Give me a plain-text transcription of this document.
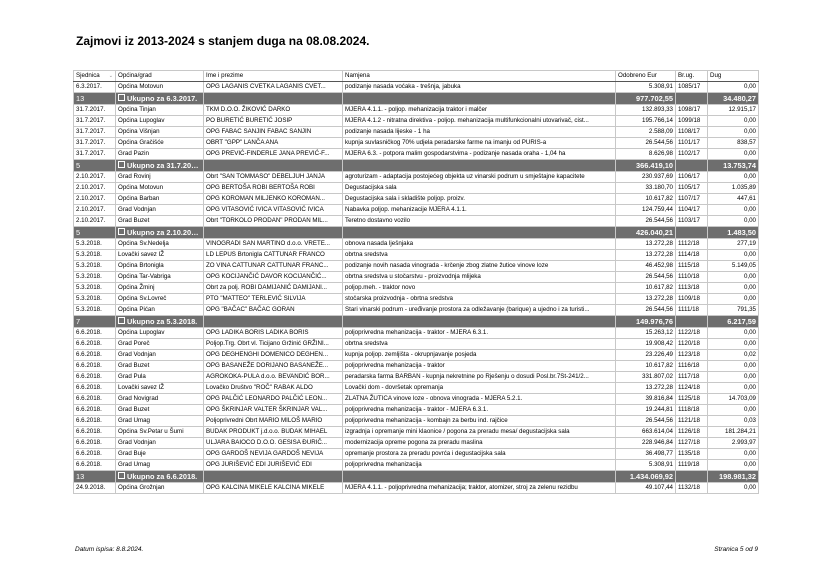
Zajmovi iz 2013-2024 s stanjem duga na 08.08.2024.
Sjednica ⌄	Općina/grad	Ime i prezime	Namjena	Odobreno Eur	Br.ug.	Dug
6.3.2017.	Općina Motovun	OPG LAGANIS CVETKA LAGANIS CVET...	podizanje nasada voćaka - trešnja, jabuka	5.308,91	1085/17	0,00
13	Ukupno za 6.3.2017.			977.702,55		34.480,27
31.7.2017.	Općina Tinjan	TKM D.O.O. ŽIKOVIĆ DARKO	MJERA 4.1.1. - poljop. mehanizacija traktor i malčer	132.893,33	1098/17	12.915,17
31.7.2017.	Općina Lupoglav	PO BURETIĆ BURETIĆ JOSIP	MJERA 4.1.2 - nitratna direktiva - poljop. mehanizacija multifunkcionalni utovarivač, cist...	195.766,14	1099/18	0,00
31.7.2017.	Općina Višnjan	OPG FABAC SANJIN FABAC SANJIN	podizanje nasada lijeske - 1 ha	2.588,09	1108/17	0,00
31.7.2017.	Općina Gračišće	OBRT "GPP" LANČA ANA	kupnja suvlasničkog 70% udjela peradarske farme na imanju od PURIS-a	26.544,56	1101/17	838,57
31.7.2017.	Grad Pazin	OPG PREVIĆ-FINDERLE JANA PREVIĆ-F...	MJERA 6.3. - potpora malim gospodarstvima - podizanje nasada oraha - 1,04 ha	8.626,98	1102/17	0,00
5	Ukupno za 31.7.2017.			366.419,10		13.753,74
2.10.2017.	Grad Rovinj	Obrt "SAN TOMMASO" DEBELJUH JANJA	agroturizam - adaptacija postojećeg objekta uz vinarski podrum u smještajne kapacitete	230.937,69	1106/17	0,00
2.10.2017.	Općina Motovun	OPG BERTOŠA ROBI BERTOŠA ROBI	Degustacijska sala	33.180,70	1105/17	1.035,89
2.10.2017.	Općina Barban	OPG KOROMAN MILJENKO KOROMAN...	Degustacijska sala i skladište poljop. proizv.	10.617,82	1107/17	447,61
2.10.2017.	Grad Vodnjan	OPG VITASOVIĆ IVICA VITASOVIĆ IVICA	Nabavka poljop. mehanizacije MJERA 4.1.1.	124.759,44	1104/17	0,00
2.10.2017.	Grad Buzet	Obrt "TORKOLO PRODAN" PRODAN MIL...	Teretno dostavno vozilo	26.544,56	1103/17	0,00
5	Ukupno za 2.10.2017.			426.040,21		1.483,50
5.3.2018.	Općina Sv.Nedelja	VINOGRADI SAN MARTINO d.o.o. VRETE...	obnova nasada lješnjaka	13.272,28	1112/18	277,19
5.3.2018.	Lovački savez IŽ	LD LEPUS Brtonigla CATTUNAR FRANCO	obrtna sredstva	13.272,28	1114/18	0,00
5.3.2018.	Općina Brtonigla	ZO VINA CATTUNAR CATTUNAR FRANC...	podizanje novih nasada vinograda - krčenje zbog zlatne žutice vinove loze	46.452,98	1115/18	5.149,05
5.3.2018.	Općina Tar-Vabriga	OPG KOCIJANČIĆ DAVOR KOCIJANČIĆ...	obrtna sredstva u stočarstvu - proizvodnja mlijeka	26.544,56	1110/18	0,00
5.3.2018.	Općina Žminj	Obrt za polj. ROBI DAMIJANIĆ DAMIJANI...	poljop.meh. - traktor novo	10.617,82	1113/18	0,00
5.3.2018.	Općina Sv.Lovreč	PTO "MATTEO" TERLEVIĆ SILVIJA	stočarska proizvodnja - obrtna sredstva	13.272,28	1109/18	0,00
5.3.2018.	Općina Pićan	OPG "BAČAC" BAČAC GORAN	Stari vinarski podrum - uređivanje prostora za odležavanje (barique) a ujedno i za turisti...	26.544,56	1111/18	791,35
7	Ukupno za 5.3.2018.			149.976,76		6.217,59
6.6.2018.	Općina Lupoglav	OPG LADIKA BORIS LADIKA BORIS	poljoprivredna mehanizacija - traktor - MJERA 6.3.1.	15.263,12	1122/18	0,00
6.6.2018.	Grad Poreč	Poljop.Trg. Obrt vl. Ticijano Gržinić GRŽINI...	obrtna sredstva	19.908,42	1120/18	0,00
6.6.2018.	Grad Vodnjan	OPG DEGHENGHI DOMENICO DEGHEN...	kupnja poljop. zemljišta - okrupnjavanje posjeda	23.226,49	1123/18	0,02
6.6.2018.	Grad Buzet	OPG BASANEŽE DORIJANO BASANEŽE...	poljoprivredna mehanizacija - traktor	10.617,82	1116/18	0,00
6.6.2018.	Grad Pula	AGROKOKA-PULA d.o.o. BEVANDIĆ BOR...	peradarska farma BARBAN - kupnja nekretnine po Rješenju o dosudi Posl.br.7St-241/2...	331.807,02	1117/18	0,00
6.6.2018.	Lovački savez IŽ	Lovačko Društvo "ROČ" RABAK ALDO	Lovački dom - dovršetak opremanja	13.272,28	1124/18	0,00
6.6.2018.	Grad Novigrad	OPG PALČIĆ LEONARDO PALČIĆ LEON...	ZLATNA ŽUTICA vinove loze - obnova vinograda - MJERA 5.2.1.	39.816,84	1125/18	14.703,09
6.6.2018.	Grad Buzet	OPG ŠKRINJAR VALTER ŠKRINJAR VAL...	poljoprivredna mehanizacija - traktor - MJERA 6.3.1.	19.244,81	1118/18	0,00
6.6.2018.	Grad Umag	Poljoprivredni Obrt MARIO MILOŠ MARIO	poljoprivredna mehanizacija - kombajn za berbu ind. rajčice	26.544,56	1121/18	0,03
6.6.2018.	Općina Sv.Petar u Šumi	BUDAK PRODUKT j.d.o.o. BUDAK MIHAEL	izgradnja i opremanje mini klaonice / pogona za preradu mesa/ degustacijska sala	663.614,04	1126/18	181.284,21
6.6.2018.	Grad Vodnjan	ULJARA BAIOCO D.O.O. GESISA ĐURIČ...	modernizacija opreme pogona za preradu maslina	228.946,84	1127/18	2.993,97
6.6.2018.	Grad Buje	OPG GARDOŠ NEVIJA GARDOŠ NEVIJA	opremanje prostora za preradu povrća i degustacijska sala	36.498,77	1135/18	0,00
6.6.2018.	Grad Umag	OPG JURIŠEVIĆ EDI JURIŠEVIĆ EDI	poljoprivredna mehanizacija	5.308,91	1119/18	0,00
13	Ukupno za 6.6.2018.			1.434.069,92		198.981,32
24.9.2018.	Općina Grožnjan	OPG KALCINA MIKELE KALCINA MIKELE	MJERA 4.1.1. - poljoprivredna mehanizacija; traktor, atomizer, stroj za zelenu rezidbu	49.107,44	1132/18	0,00
Datum ispisa: 8.8.2024.	Stranica 5 od 9
